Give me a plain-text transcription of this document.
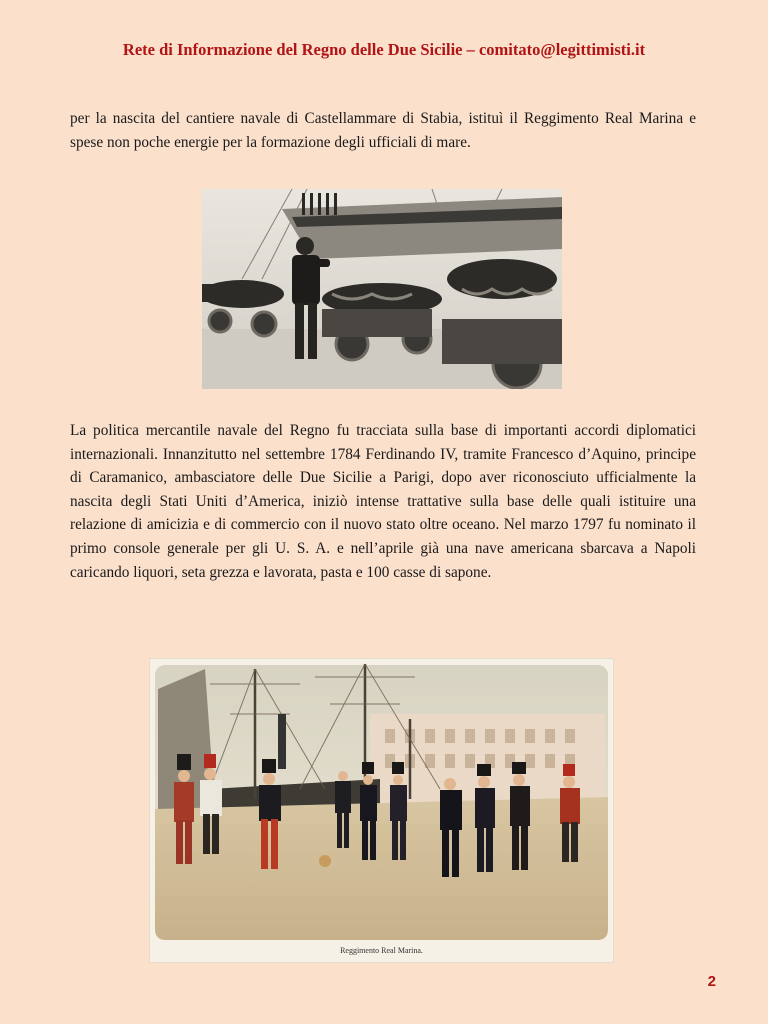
Rete di Informazione del Regno delle Due Sicilie – comitato@legittimisti.it

per la nascita del cantiere navale di Castellammare di Stabia, istituì il Reggimento Real Marina e spese non poche energie per la formazione degli ufficiali di mare.

La politica mercantile navale del Regno fu tracciata sulla base di importanti accordi diplomatici internazionali. Innanzitutto nel settembre 1784 Ferdinando IV, tramite Francesco d’Aquino, principe di Caramanico, ambasciatore delle Due Sicilie a Parigi, dopo aver riconosciuto ufficialmente la nascita degli Stati Uniti d’America, iniziò intense trattative sulla base delle quali istituire una relazione di amicizia e di commercio con il nuovo stato oltre oceano. Nel marzo 1797 fu nominato il primo console generale per gli U. S. A. e nell’aprile già una nave americana sbarcava a Napoli caricando liquori, seta grezza e lavorata, pasta e 100 casse di sapone.

Reggimento Real Marina.
2
